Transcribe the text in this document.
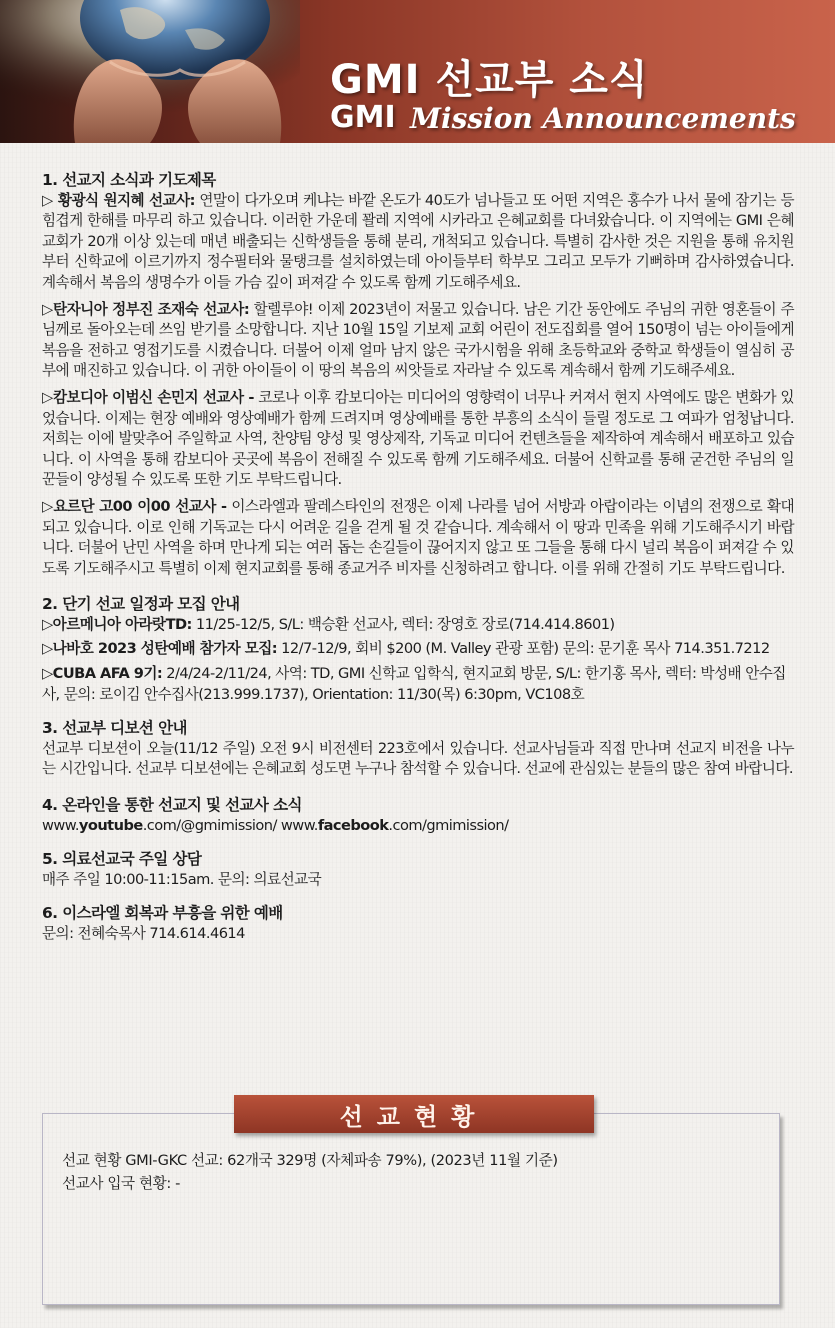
GMI 선교부 소식
GMI Mission Announcements

1. 선교지 소식과 기도제목

▷ 황광식 원지혜 선교사: 연말이 다가오며 케냐는 바깥 온도가 40도가 넘나들고 또 어떤 지역은 홍수가 나서 물에 잠기는 등 힘겹게 한해를 마무리 하고 있습니다. 이러한 가운데 꽐레 지역에 시카라고 은혜교회를 다녀왔습니다. 이 지역에는 GMI 은혜교회가 20개 이상 있는데 매년 배출되는 신학생들을 통해 분리, 개척되고 있습니다. 특별히 감사한 것은 지원을 통해 유치원부터 신학교에 이르기까지 정수필터와 물탱크를 설치하였는데 아이들부터 학부모 그리고 모두가 기뻐하며 감사하였습니다. 계속해서 복음의 생명수가 이들 가슴 깊이 퍼져갈 수 있도록 함께 기도해주세요.

▷탄자니아 정부진 조재숙 선교사: 할렐루야! 이제 2023년이 저물고 있습니다. 남은 기간 동안에도 주님의 귀한 영혼들이 주님께로 돌아오는데 쓰임 받기를 소망합니다. 지난 10월 15일 기보제 교회 어린이 전도집회를 열어 150명이 넘는 아이들에게 복음을 전하고 영접기도를 시켰습니다. 더불어 이제 얼마 남지 않은 국가시험을 위해 초등학교와 중학교 학생들이 열심히 공부에 매진하고 있습니다. 이 귀한 아이들이 이 땅의 복음의 씨앗들로 자라날 수 있도록 계속해서 함께 기도해주세요.

▷캄보디아 이범신 손민지 선교사 - 코로나 이후 캄보디아는 미디어의 영향력이 너무나 커져서 현지 사역에도 많은 변화가 있었습니다. 이제는 현장 예배와 영상예배가 함께 드려지며 영상예배를 통한 부흥의 소식이 들릴 정도로 그 여파가 엄청납니다. 저희는 이에 발맞추어 주일학교 사역, 찬양팀 양성 및 영상제작, 기독교 미디어 컨텐츠들을 제작하여 계속해서 배포하고 있습니다. 이 사역을 통해 캄보디아 곳곳에 복음이 전해질 수 있도록 함께 기도해주세요. 더불어 신학교를 통해 굳건한 주님의 일꾼들이 양성될 수 있도록 또한 기도 부탁드립니다.

▷요르단 고00 이00 선교사 - 이스라엘과 팔레스타인의 전쟁은 이제 나라를 넘어 서방과 아랍이라는 이념의 전쟁으로 확대되고 있습니다. 이로 인해 기독교는 다시 어려운 길을 걷게 될 것 같습니다. 계속해서 이 땅과 민족을 위해 기도해주시기 바랍니다. 더불어 난민 사역을 하며 만나게 되는 여러 돕는 손길들이 끊어지지 않고 또 그들을 통해 다시 널리 복음이 퍼져갈 수 있도록 기도해주시고 특별히 이제 현지교회를 통해 종교거주 비자를 신청하려고 합니다. 이를 위해 간절히 기도 부탁드립니다.

2. 단기 선교 일정과 모집 안내

▷아르메니아 아라랏TD: 11/25-12/5, S/L: 백승환 선교사, 렉터: 장영호 장로(714.414.8601)

▷나바호 2023 성탄예배 참가자 모집: 12/7-12/9, 회비 $200 (M. Valley 관광 포함) 문의: 문기훈 목사 714.351.7212

▷CUBA AFA 9기: 2/4/24-2/11/24, 사역: TD, GMI 신학교 입학식, 현지교회 방문, S/L: 한기홍 목사, 렉터: 박성배 안수집사, 문의: 로이김 안수집사(213.999.1737), Orientation: 11/30(목) 6:30pm, VC108호

3. 선교부 디보션 안내

선교부 디보션이 오늘(11/12 주일) 오전 9시 비전센터 223호에서 있습니다. 선교사님들과 직접 만나며 선교지 비전을 나누는 시간입니다. 선교부 디보션에는 은혜교회 성도면 누구나 참석할 수 있습니다. 선교에 관심있는 분들의 많은 참여 바랍니다.

4. 온라인을 통한 선교지 및 선교사 소식

www.youtube.com/@gmimission/ www.facebook.com/gmimission/

5. 의료선교국 주일 상담

매주 주일 10:00-11:15am. 문의: 의료선교국

6. 이스라엘 회복과 부흥을 위한 예배

문의: 전혜숙목사 714.614.4614

선교현황
선교 현황 GMI-GKC 선교: 62개국 329명 (자체파송 79%), (2023년 11월 기준)
선교사 입국 현황: -
